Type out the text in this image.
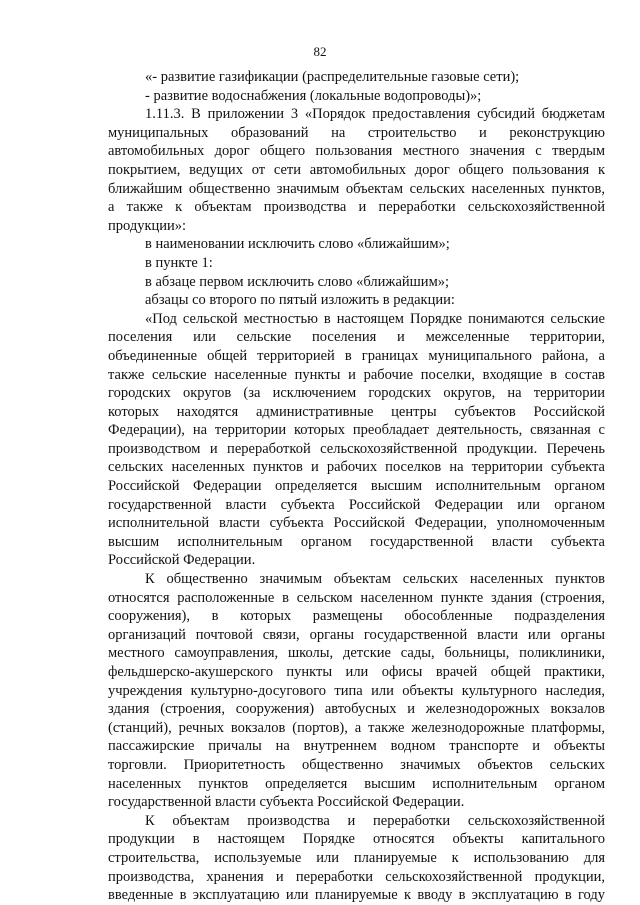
82
«- развитие газификации (распределительные газовые сети);
- развитие водоснабжения (локальные водопроводы)»;
1.11.3. В приложении 3 «Порядок предоставления субсидий бюджетам
муниципальных образований на строительство и реконструкцию
автомобильных дорог общего пользования местного значения с твердым
покрытием, ведущих от сети автомобильных дорог общего пользования к
ближайшим общественно значимым объектам сельских населенных пунктов,
а также к объектам производства и переработки сельскохозяйственной
продукции»:
в наименовании исключить слово «ближайшим»;
в пункте 1:
в абзаце первом исключить слово «ближайшим»;
абзацы со второго по пятый изложить в редакции:
«Под сельской местностью в настоящем Порядке понимаются сельские
поселения или сельские поселения и межселенные территории,
объединенные общей территорией в границах муниципального района, а
также сельские населенные пункты и рабочие поселки, входящие в состав
городских округов (за исключением городских округов, на территории
которых находятся административные центры субъектов Российской
Федерации), на территории которых преобладает деятельность, связанная с
производством и переработкой сельскохозяйственной продукции. Перечень
сельских населенных пунктов и рабочих поселков на территории субъекта
Российской Федерации определяется высшим исполнительным органом
государственной власти субъекта Российской Федерации или органом
исполнительной власти субъекта Российской Федерации, уполномоченным
высшим исполнительным органом государственной власти субъекта
Российской Федерации.
К общественно значимым объектам сельских населенных пунктов
относятся расположенные в сельском населенном пункте здания (строения,
сооружения), в которых размещены обособленные подразделения
организаций почтовой связи, органы государственной власти или органы
местного самоуправления, школы, детские сады, больницы, поликлиники,
фельдшерско-акушерского пункты или офисы врачей общей практики,
учреждения культурно-досугового типа или объекты культурного наследия,
здания (строения, сооружения) автобусных и железнодорожных вокзалов
(станций), речных вокзалов (портов), а также железнодорожные платформы,
пассажирские причалы на внутреннем водном транспорте и объекты
торговли. Приоритетность общественно значимых объектов сельских
населенных пунктов определяется высшим исполнительным органом
государственной власти субъекта Российской Федерации.
К объектам производства и переработки сельскохозяйственной
продукции в настоящем Порядке относятся объекты капитального
строительства, используемые или планируемые к использованию для
производства, хранения и переработки сельскохозяйственной продукции,
введенные в эксплуатацию или планируемые к вводу в эксплуатацию в году
